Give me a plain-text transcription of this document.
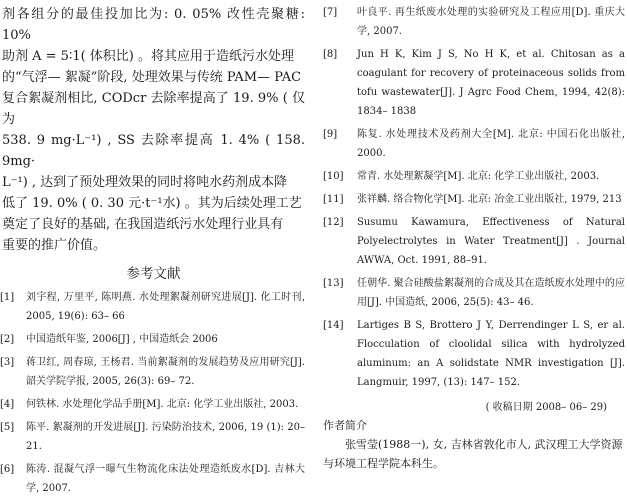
剂各组分的最佳投加比为: 0. 05% 改性壳聚糖: 10%

助剂 A = 5∶1( 体积比) 。将其应用于造纸污水处理

的“气浮— 絮凝”阶段, 处理效果与传统 PAM— PAC

复合絮凝剂相比, CODcr 去除率提高了 19. 9% ( 仅为

538. 9 mg·L⁻¹) , SS 去除率提高 1. 4% ( 158. 9mg·

L⁻¹) , 达到了预处理效果的同时将吨水药剂成本降

低了 19. 0% ( 0. 30 元·t⁻¹水) 。其为后续处理工艺

奠定了良好的基础, 在我国造纸污水处理行业具有

重要的推广价值。

参考文献
[1]	刘宇程, 万里平, 陈明燕. 水处理絮凝剂研究进展[J]. 化工时刊, 2005, 19(6): 63– 66
[2]	中国造纸年鉴, 2006[J] , 中国造纸会 2006
[3]	蒋卫红, 周春琼, 王杨君. 当前絮凝剂的发展趋势及应用研究[J]. 韶关学院学报, 2005, 26(3): 69– 72.
[4]	何铁林. 水处理化学品手册[M]. 北京: 化学工业出版社, 2003.
[5]	陈平. 絮凝剂的开发进展[J]. 污染防治技术, 2006, 19 (1): 20– 21.
[6]	陈涛. 混凝气浮一曝气生物流化床法处理造纸废水[D]. 吉林大学, 2007.
[7]	叶良平. 再生纸废水处理的实验研究及工程应用[D]. 重庆大学, 2007.
[8]	Jun H K, Kim J S, No H K, et al. Chitosan as a coagulant for recovery of proteinaceous solids from tofu wastewater[J]. J Agrc Food Chem, 1994, 42(8): 1834– 1838
[9]	陈复. 水处理技术及药剂大全[M]. 北京: 中国石化出版社, 2000.
[10]	常青. 水处理絮凝学[M]. 北京: 化学工业出版社, 2003.
[11]	张祥麟. 络合物化学[M]. 北京: 冶金工业出版社, 1979, 213
[12]	Susumu Kawamura, Effectiveness of Natural Polyelectrolytes in Water Treatment[J] . Journal AWWA, Oct. 1991, 88–91.
[13]	任朝华. 聚合硅酸盐絮凝剂的合成及其在造纸废水处理中的应用[J]. 中国造纸, 2006, 25(5): 43– 46.
[14]	Lartiges B S, Brottero J Y, Derrendinger L S, er al. Flocculation of cloolidal silica with hydrolyzed aluminum: an A solidstate NMR investigation [J]. Langmuir, 1997, (13): 147– 152.
( 收稿日期 2008– 06– 29)
作者简介
张雪莹(1988一), 女, 吉林省敦化市人, 武汉理工大学资源与环境工程学院本科生。
